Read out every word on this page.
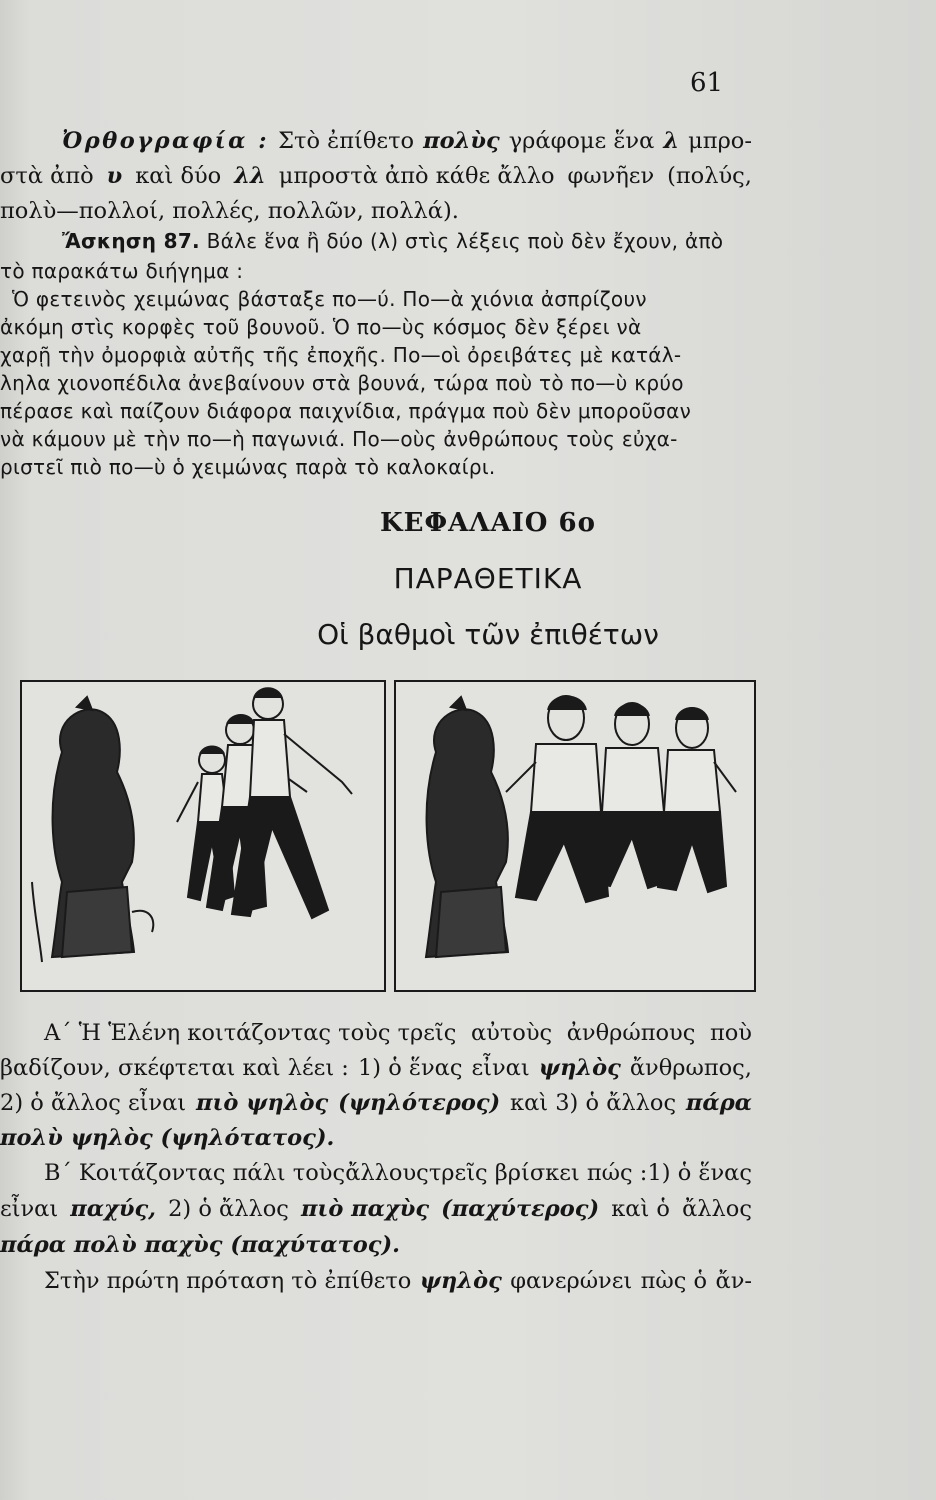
61
Ὀρθογραφία : Στὸ ἐπίθετο πολὺς γράφομε ἕνα λ μπρο-
στὰ ἀπὸ υ καὶ δύο λλ μπροστὰ ἀπὸ κάθε ἄλλο φωνῆεν (πολύς,
πολὺ—πολλοί, πολλές, πολλῶν, πολλά).
Ἄσκηση 87. Βάλε ἕνα ἢ δύο (λ) στὶς λέξεις ποὺ δὲν ἔχουν, ἀπὸ
τὸ παρακάτω διήγημα :
Ὁ φετεινὸς χειμώνας βάσταξε πο—ύ. Πο—ὰ χιόνια ἀσπρίζουν
ἀκόμη στὶς κορφὲς τοῦ βουνοῦ. Ὁ πο—ὺς κόσμος δὲν ξέρει νὰ
χαρῇ τὴν ὀμορφιὰ αὐτῆς τῆς ἐποχῆς. Πο—οὶ ὀρειβάτες μὲ κατάλ-
ληλα χιονοπέδιλα ἀνεβαίνουν στὰ βουνά, τώρα ποὺ τὸ πο—ὺ κρύο
πέρασε καὶ παίζουν διάφορα παιχνίδια, πράγμα ποὺ δὲν μποροῦσαν
νὰ κάμουν μὲ τὴν πο—ὴ παγωνιά. Πο—οὺς ἀνθρώπους τοὺς εὐχα-
ριστεῖ πιὸ πο—ὺ ὁ χειμώνας παρὰ τὸ καλοκαίρι.
ΚΕΦΑΛΑΙΟ 6ο
ΠΑΡΑΘΕΤΙΚΑ
Οἱ βαθμοὶ τῶν ἐπιθέτων
Α΄ Ἡ Ἑλένη κοιτάζοντας τοὺς τρεῖς αὐτοὺς ἀνθρώπους ποὺ
βαδίζουν, σκέφτεται καὶ λέει : 1) ὁ ἕνας εἶναι ψηλὸς ἄνθρωπος,
2) ὁ ἄλλος εἶναι πιὸ ψηλὸς (ψηλότερος) καὶ 3) ὁ ἄλλος πάρα
πολὺ ψηλὸς (ψηλότατος).
Β΄ Κοιτάζοντας πάλι τοὺς ἄλλους τρεῖς βρίσκει πώς : 1) ὁ ἕνας
εἶναι παχύς, 2) ὁ ἄλλος πιὸ παχὺς (παχύτερος) καὶ ὁ ἄλλος
πάρα πολὺ παχὺς (παχύτατος).
Στὴν πρώτη πρόταση τὸ ἐπίθετο ψηλὸς φανερώνει πὼς ὁ ἄν-
